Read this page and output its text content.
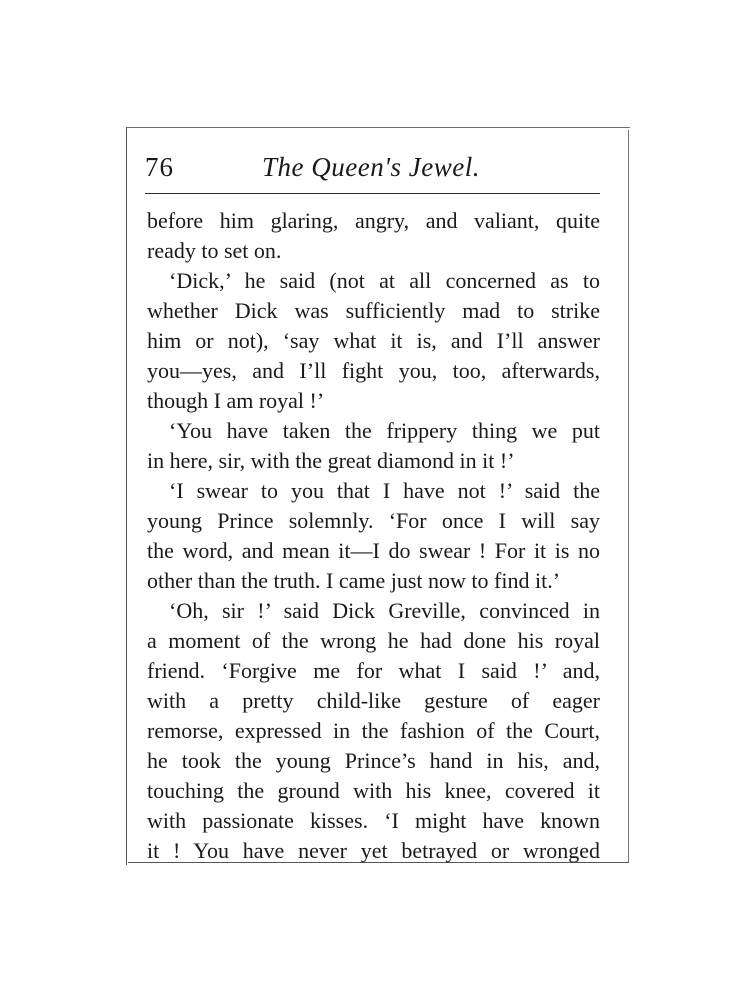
76	The Queen's Jewel.
before him glaring, angry, and valiant, quite
ready to set on.
‘Dick,’ he said (not at all concerned as to
whether Dick was sufficiently mad to strike
him or not), ‘say what it is, and I’ll answer
you—yes, and I’ll fight you, too, afterwards,
though I am royal !’
‘You have taken the frippery thing we put
in here, sir, with the great diamond in it !’
‘I swear to you that I have not !’ said the
young Prince solemnly. ‘For once I will say
the word, and mean it—I do swear ! For it is no
other than the truth. I came just now to find it.’
‘Oh, sir !’ said Dick Greville, convinced in
a moment of the wrong he had done his royal
friend. ‘Forgive me for what I said !’ and,
with a pretty child-like gesture of eager
remorse, expressed in the fashion of the Court,
he took the young Prince’s hand in his, and,
touching the ground with his knee, covered it
with passionate kisses. ‘I might have known
it ! You have never yet betrayed or wronged
